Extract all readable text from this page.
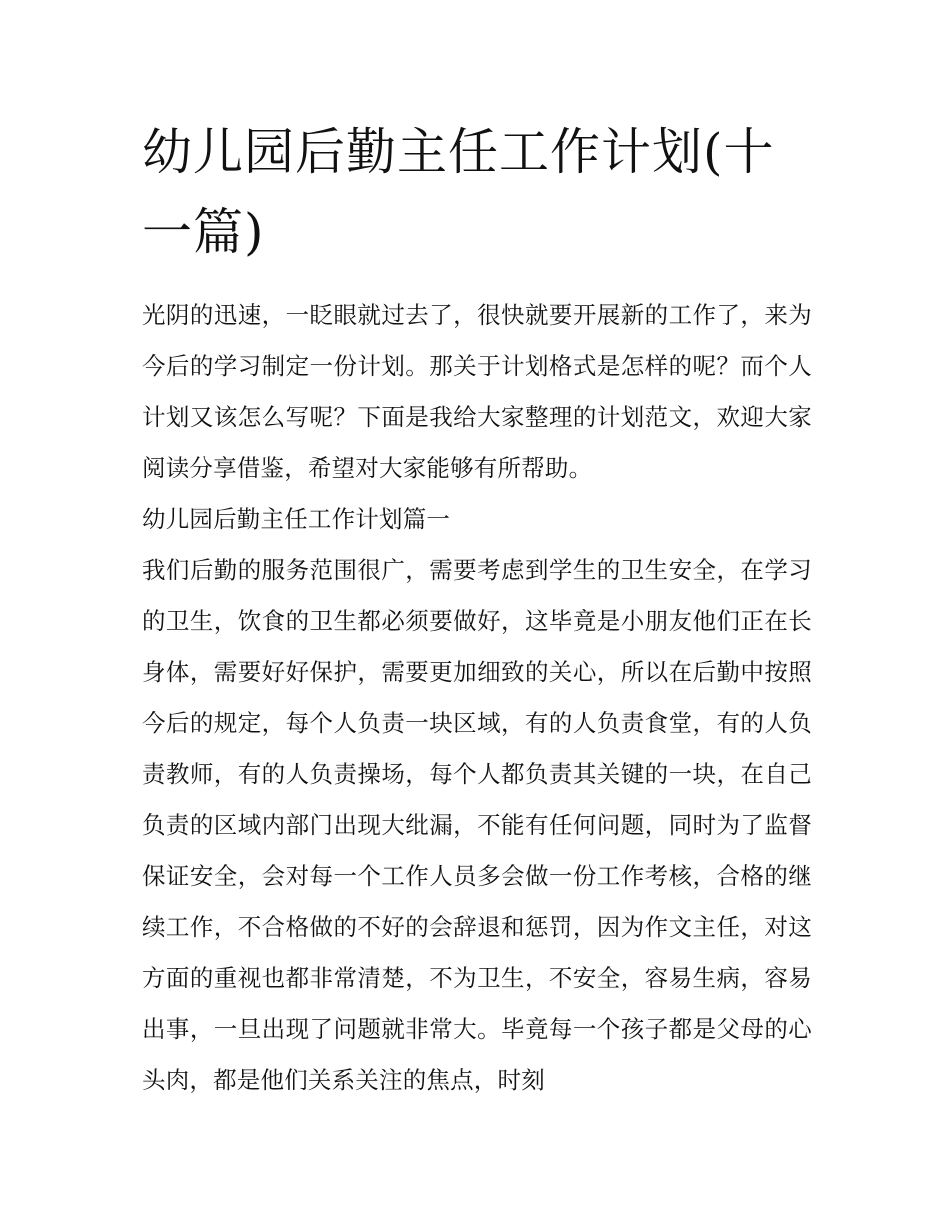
幼儿园后勤主任工作计划(十一篇)

光阴的迅速，一眨眼就过去了，很快就要开展新的工作了，来为今后的学习制定一份计划。那关于计划格式是怎样的呢？而个人计划又该怎么写呢？下面是我给大家整理的计划范文，欢迎大家阅读分享借鉴，希望对大家能够有所帮助。

幼儿园后勤主任工作计划篇一

我们后勤的服务范围很广，需要考虑到学生的卫生安全，在学习的卫生，饮食的卫生都必须要做好，这毕竟是小朋友他们正在长身体，需要好好保护，需要更加细致的关心，所以在后勤中按照今后的规定，每个人负责一块区域，有的人负责食堂，有的人负责教师，有的人负责操场，每个人都负责其关键的一块，在自己负责的区域内部门出现大纰漏，不能有任何问题，同时为了监督保证安全，会对每一个工作人员多会做一份工作考核，合格的继续工作，不合格做的不好的会辞退和惩罚，因为作文主任，对这方面的重视也都非常清楚，不为卫生，不安全，容易生病，容易出事，一旦出现了问题就非常大。毕竟每一个孩子都是父母的心头肉，都是他们关系关注的焦点，时刻
